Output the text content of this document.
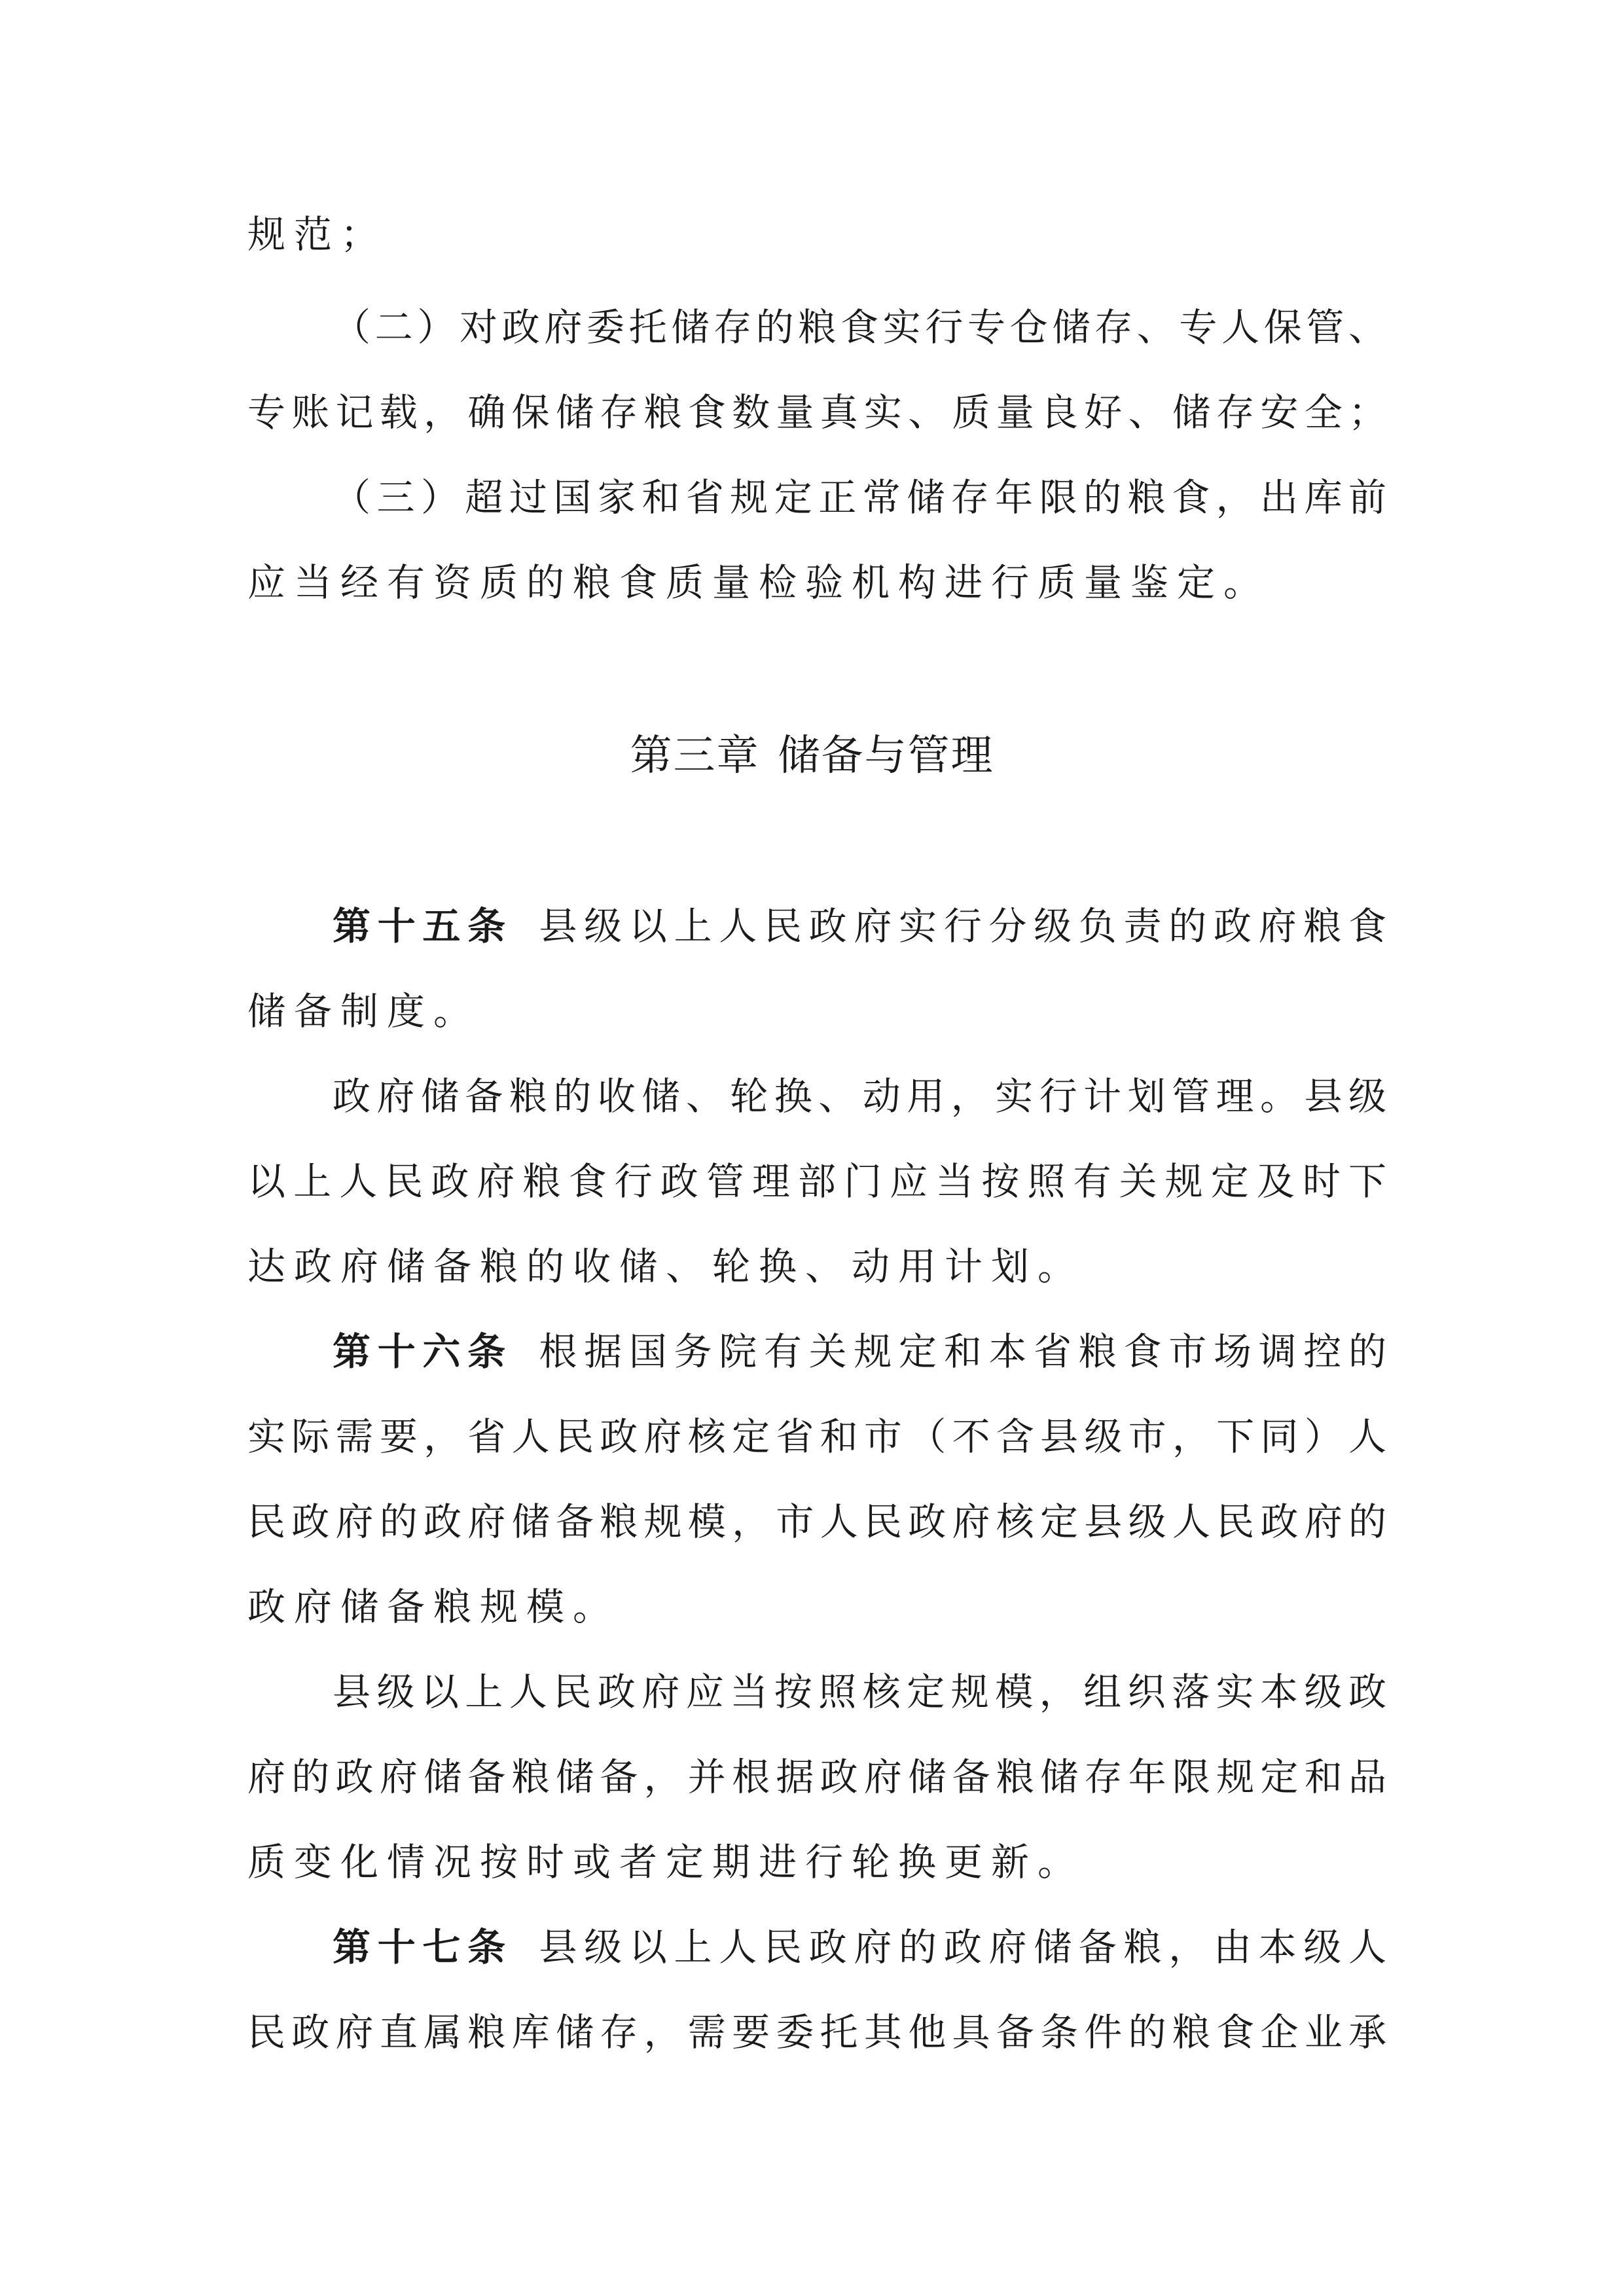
规范；
（二）对政府委托储存的粮食实行专仓储存、专人保管、
专账记载，确保储存粮食数量真实、质量良好、储存安全；
（三）超过国家和省规定正常储存年限的粮食，出库前
应当经有资质的粮食质量检验机构进行质量鉴定。
第三章 储备与管理
第十五条 县级以上人民政府实行分级负责的政府粮食
储备制度。
政府储备粮的收储、轮换、动用，实行计划管理。县级
以上人民政府粮食行政管理部门应当按照有关规定及时下
达政府储备粮的收储、轮换、动用计划。
第十六条 根据国务院有关规定和本省粮食市场调控的
实际需要，省人民政府核定省和市（不含县级市，下同）人
民政府的政府储备粮规模，市人民政府核定县级人民政府的
政府储备粮规模。
县级以上人民政府应当按照核定规模，组织落实本级政
府的政府储备粮储备，并根据政府储备粮储存年限规定和品
质变化情况按时或者定期进行轮换更新。
第十七条 县级以上人民政府的政府储备粮，由本级人
民政府直属粮库储存，需要委托其他具备条件的粮食企业承
